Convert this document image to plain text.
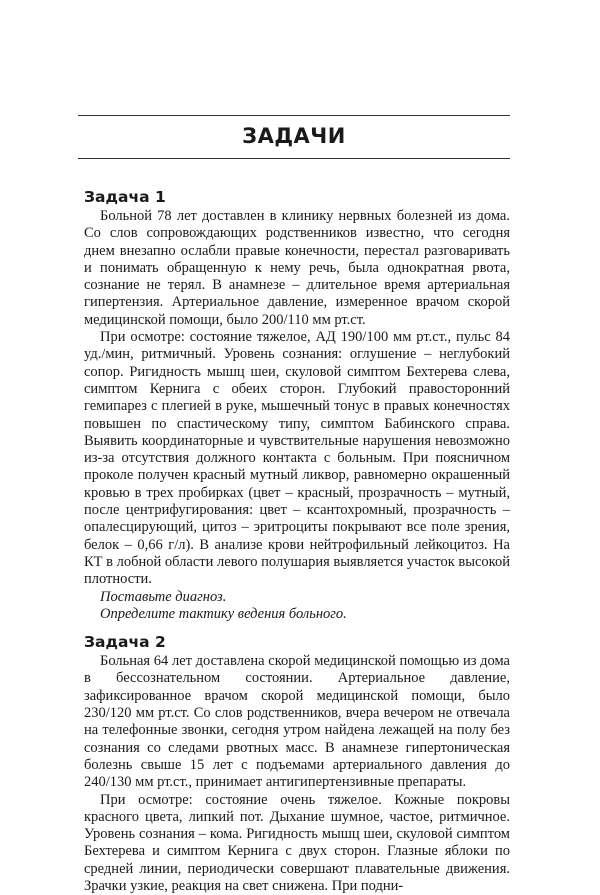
ЗАДАЧИ
Задача 1

Больной 78 лет доставлен в клинику нервных болезней из дома. Со слов сопровождающих родственников известно, что сегодня днем внезапно ослабли правые конечности, перестал разговаривать и понимать обращенную к нему речь, была однократная рвота, сознание не терял. В анамнезе – длительное время артериальная гипертензия. Артериальное давление, измеренное врачом скорой медицинской помощи, было 200/110 мм рт.ст.

При осмотре: состояние тяжелое, АД 190/100 мм рт.ст., пульс 84 уд./мин, ритмичный. Уровень сознания: оглушение – неглубокий сопор. Ригидность мышц шеи, скуловой симптом Бехтерева слева, симптом Кернига с обеих сторон. Глубокий правосторонний гемипарез с плегией в руке, мышечный тонус в правых конечностях повышен по спастическому типу, симптом Бабинского справа. Выявить координаторные и чувствительные нарушения невозможно из-за отсутствия должного контакта с больным. При поясничном проколе получен красный мутный ликвор, равномерно окрашенный кровью в трех пробирках (цвет – красный, прозрачность – мутный, после центрифугирования: цвет – ксантохромный, прозрачность – опалесцирующий, цитоз – эритроциты покрывают все поле зрения, белок – 0,66 г/л). В анализе крови нейтрофильный лейкоцитоз. На КТ в лобной области левого полушария выявляется участок высокой плотности.

Поставьте диагноз.

Определите тактику ведения больного.

Задача 2

Больная 64 лет доставлена скорой медицинской помощью из дома в бессознательном состоянии. Артериальное давление, зафиксированное врачом скорой медицинской помощи, было 230/120 мм рт.ст. Со слов родственников, вчера вечером не отвечала на телефонные звонки, сегодня утром найдена лежащей на полу без сознания со следами рвотных масс. В анамнезе гипертоническая болезнь свыше 15 лет с подъемами артериального давления до 240/130 мм рт.ст., принимает антигипертензивные препараты.

При осмотре: состояние очень тяжелое. Кожные покровы красного цвета, липкий пот. Дыхание шумное, частое, ритмичное. Уровень сознания – кома. Ригидность мышц шеи, скуловой симптом Бехтерева и симптом Кернига с двух сторон. Глазные яблоки по средней линии, периодически совершают плавательные движения. Зрачки узкие, реакция на свет снижена. При подни-
